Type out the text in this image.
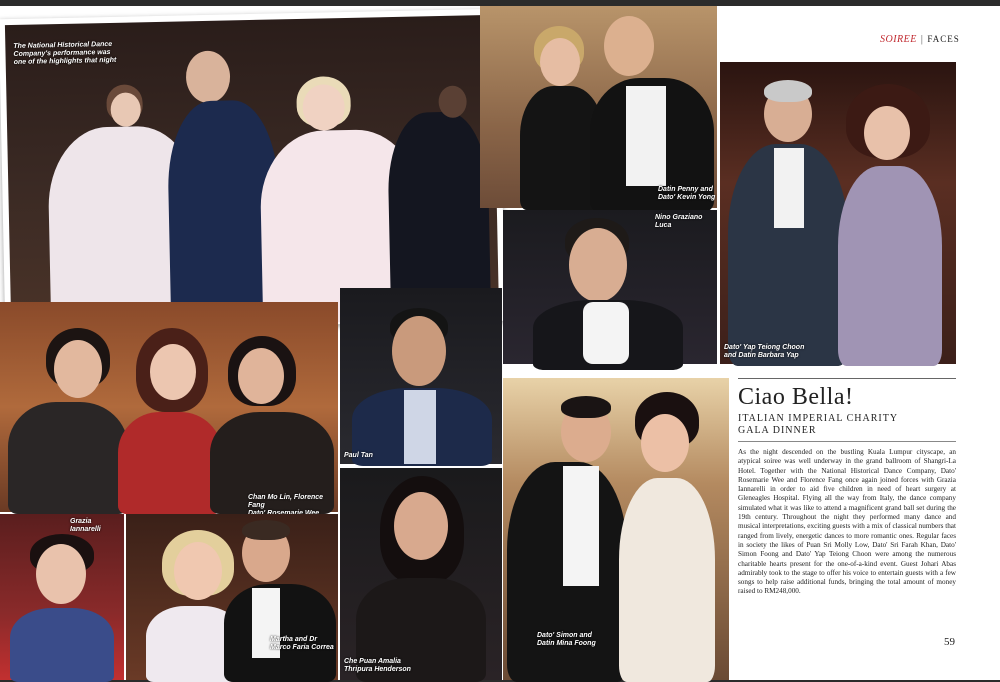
The National Historical Dance
Company's performance was
one of the highlights that night
Datin Penny and
Dato' Kevin Yong
SOIREE | FACES
Dato' Yap Teiong Choon
and Datin Barbara Yap
Nino Graziano Luca
Chan Mo Lin, Florence Fang

Paul Tan
Grazia Iannarelli
Martha and Dr
Marco Faria Correa
Che Puan Amalia
Thripura Henderson
Dato' Simon and
Datin Mina Foong
Ciao Bella!
ITALIAN IMPERIAL CHARITY
GALA DINNER

As the night descended on the bustling Kuala Lumpur cityscape, an atypical soiree was well underway in the grand ballroom of Shangri-La Hotel. Together with the National Historical Dance Company, Dato' Rosemarie Wee and Florence Fang once again joined forces with Grazia Iannarelli in order to aid five children in need of heart surgery at Gleneagles Hospital. Flying all the way from Italy, the dance company simulated what it was like to attend a magnificent grand ball set during the 19th century. Throughout the night they performed many dance and musical interpretations, exciting guests with a mix of classical numbers that ranged from lively, energetic dances to more romantic ones. Regular faces in society the likes of Puan Sri Molly Low, Dato' Sri Farah Khan, Dato' Simon Foong and Dato' Yap Teiong Choon were among the numerous charitable hearts present for the one-of-a-kind event. Guest Johari Abas admirably took to the stage to offer his voice to entertain guests with a few songs to help raise additional funds, bringing the total amount of money raised to RM248,000.

59
